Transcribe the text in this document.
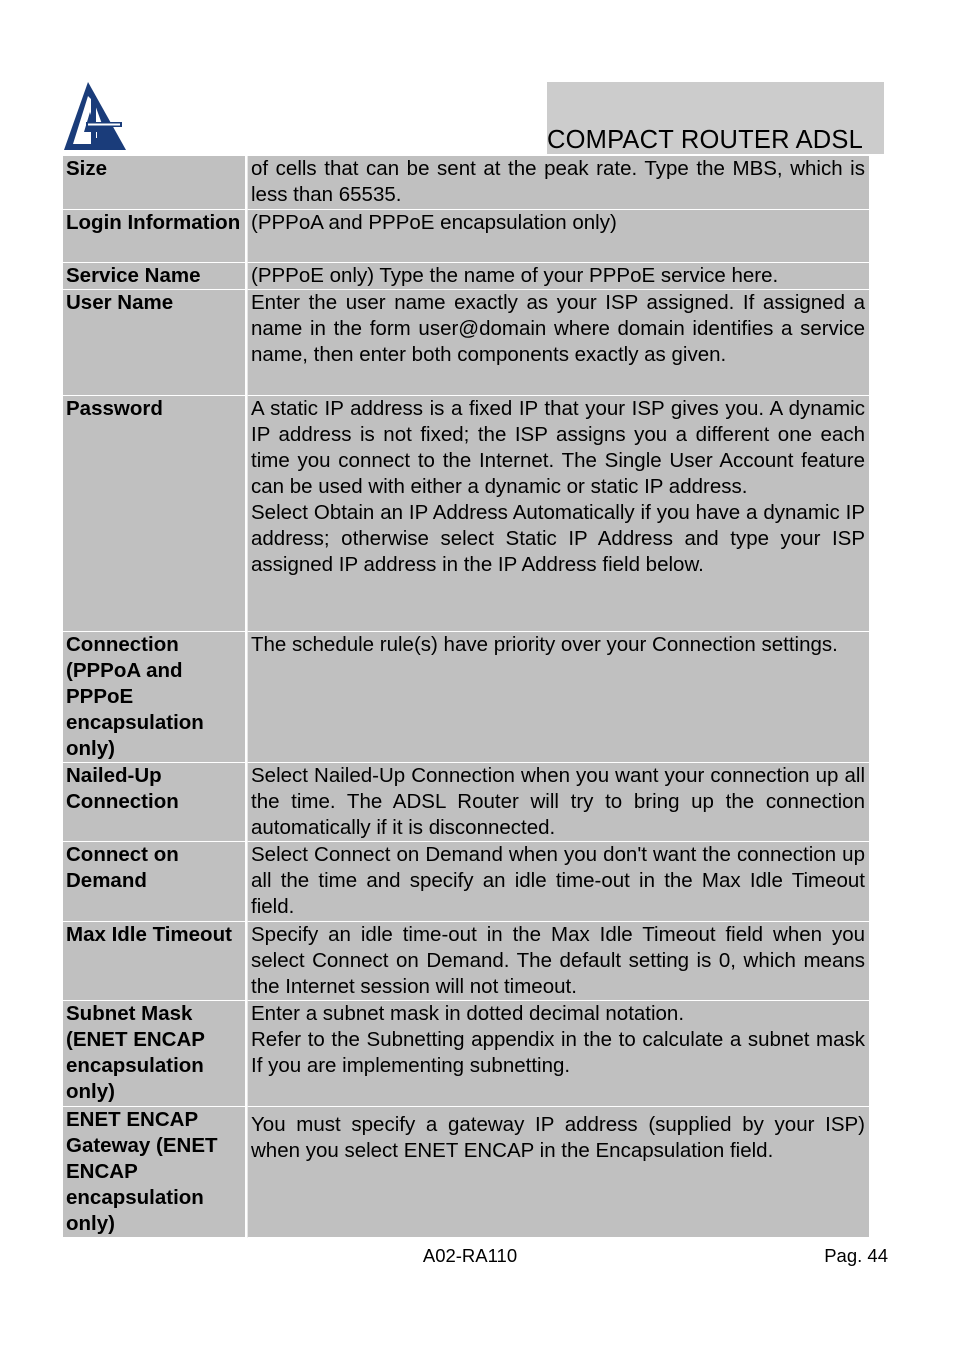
COMPACT ROUTER ADSL
Size	of cells that can be sent at the peak rate. Type the MBS, which is less than 65535.

Login Information	(PPPoA and PPPoE encapsulation only)

Service Name	(PPPoE only) Type the name of your PPPoE service here.

User Name	Enter the user name exactly as your ISP assigned. If assigned a name in the form user@domain where domain identifies a service name, then enter both components exactly as given.

Password	A static IP address is a fixed IP that your ISP gives you. A dynamic IP address is not fixed; the ISP assigns you a different one each time you connect to the Internet. The Single User Account feature can be used with either a dynamic or static IP address.

Select Obtain an IP Address Automatically if you have a dynamic IP address; otherwise select Static IP Address and type your ISP assigned IP address in the IP Address field below.

Connection (PPPoA and PPPoE encapsulation only)	The schedule rule(s) have priority over your Connection settings.

Nailed-Up Connection	Select Nailed-Up Connection when you want your connection up all the time. The ADSL Router will try to bring up the connection automatically if it is disconnected.

Connect on Demand	Select Connect on Demand when you don't want the connection up all the time and specify an idle time-out in the Max Idle Timeout field.

Max Idle Timeout	Specify an idle time-out in the Max Idle Timeout field when you select Connect on Demand. The default setting is 0, which means the Internet session will not timeout.

Subnet Mask (ENET ENCAP encapsulation only)	Enter a subnet mask in dotted decimal notation.

Refer to the Subnetting appendix in the to calculate a subnet mask If you are implementing subnetting.

ENET ENCAP Gateway (ENET ENCAP encapsulation only)	You must specify a gateway IP address (supplied by your ISP) when you select ENET ENCAP in the Encapsulation field.

A02-RA110	Pag. 44
